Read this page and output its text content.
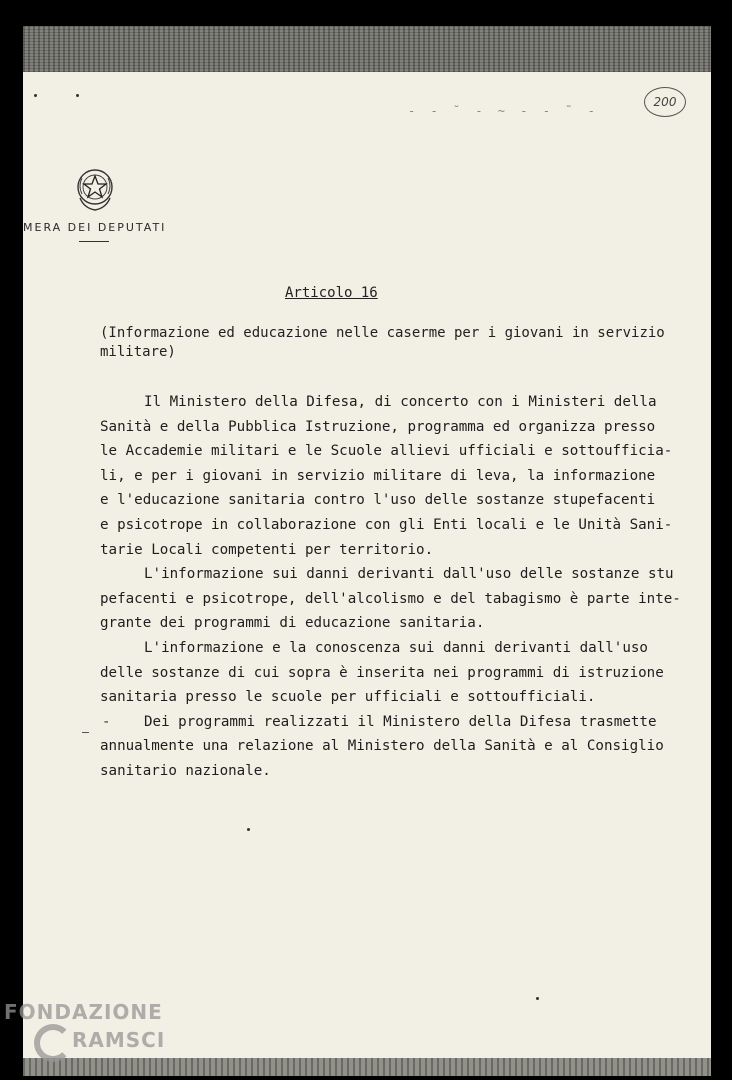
- ‐ ˘ ‐ ~ ‐ ‐ ˜ -
200
MERA DEI DEPUTATI
Articolo 16
(Informazione ed educazione nelle caserme per i giovani in servizio
militare)

Il Ministero della Difesa, di concerto con i Ministeri della
Sanità e della Pubblica Istruzione, programma ed organizza presso
le Accademie militari e le Scuole allievi ufficiali e sottoufficia-
li, e per i giovani in servizio militare di leva, la informazione
e l'educazione sanitaria contro l'uso delle sostanze stupefacenti
e psicotrope in collaborazione con gli Enti locali e le Unità Sani-
tarie Locali competenti per territorio.

L'informazione sui danni derivanti dall'uso delle sostanze stu
pefacenti e psicotrope, dell'alcolismo e del tabagismo è parte inte-
grante dei programmi di educazione sanitaria.

L'informazione e la conoscenza sui danni derivanti dall'uso
delle sostanze di cui sopra è inserita nei programmi di istruzione
sanitaria presso le scuole per ufficiali e sottoufficiali.

Dei programmi realizzati il Ministero della Difesa trasmette
annualmente una relazione al Ministero della Sanità e al Consiglio
sanitario nazionale.

-
FONDAZIONE
RAMSCI
